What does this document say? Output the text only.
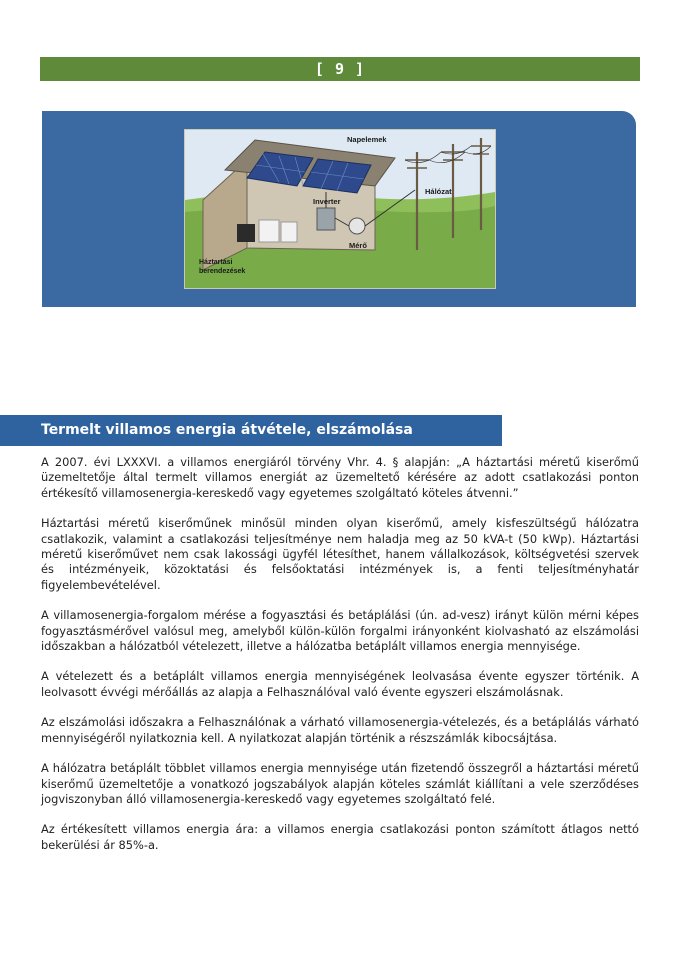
[ 9 ]
Napelemek
Inverter
Hálózat
Mérő
Háztartási
berendezések
Termelt villamos energia átvétele, elszámolása

A 2007. évi LXXXVI. a villamos energiáról törvény Vhr. 4. § alapján: „A háztartási méretű kiserőmű üzemeltetője által termelt villamos energiát az üzemeltető kérésére az adott csatlakozási ponton értékesítő villamosenergia-kereskedő vagy egyetemes szolgáltató köteles átvenni.”

Háztartási méretű kiserőműnek minősül minden olyan kiserőmű, amely kisfeszültségű hálózatra csatlakozik, valamint a csatlakozási teljesítménye nem haladja meg az 50 kVA-t (50 kWp). Háztartási méretű kiserőművet nem csak lakossági ügyfél létesíthet, hanem vállalkozások, költségvetési szervek és intézményeik, közoktatási és felsőoktatási intézmények is, a fenti teljesítményhatár figyelembevételével.

A villamosenergia-forgalom mérése a fogyasztási és betáplálási (ún. ad-vesz) irányt külön mérni képes fogyasztásmérővel valósul meg, amelyből külön-külön forgalmi irányonként kiolvasható az elszámolási időszakban a hálózatból vételezett, illetve a hálózatba betáplált villamos energia mennyisége.

A vételezett és a betáplált villamos energia mennyiségének leolvasása évente egyszer történik. A leolvasott évvégi mérőállás az alapja a Felhasználóval való évente egyszeri elszámolásnak.

Az elszámolási időszakra a Felhasználónak a várható villamosenergia-vételezés, és a betáplálás várható mennyiségéről nyilatkoznia kell. A nyilatkozat alapján történik a részszámlák kibocsájtása.

A hálózatra betáplált többlet villamos energia mennyisége után fizetendő összegről a háztartási méretű kiserőmű üzemeltetője a vonatkozó jogszabályok alapján köteles számlát kiállítani a vele szerződéses jogviszonyban álló villamosenergia-kereskedő vagy egyetemes szolgáltató felé.

Az értékesített villamos energia ára: a villamos energia csatlakozási ponton számított átlagos nettó bekerülési ár 85%-a.
